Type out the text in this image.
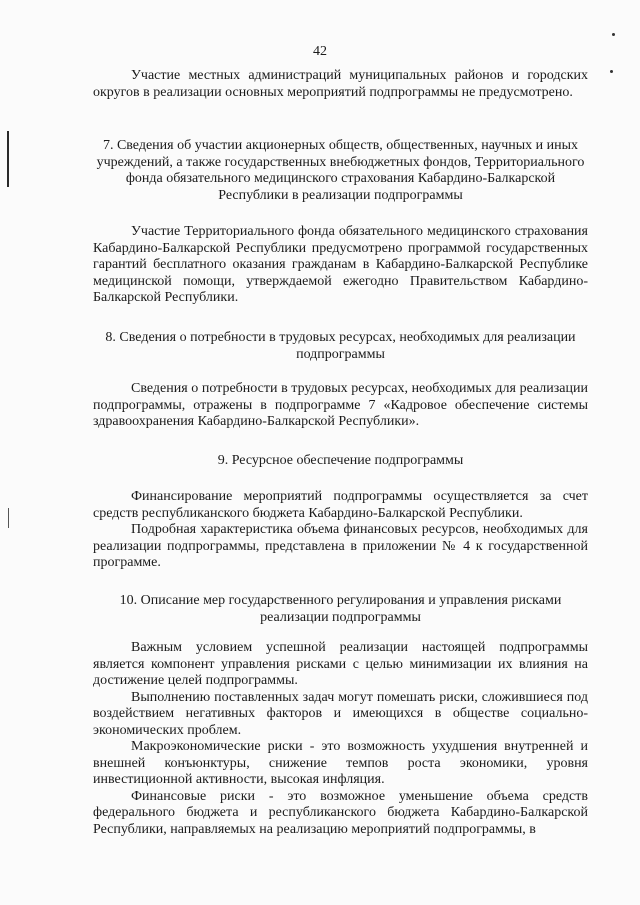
42

Участие местных администраций муниципальных районов и городских округов в реализации основных мероприятий подпрограммы не предусмотрено.

7. Сведения об участии акционерных обществ, общественных, научных и иных учреждений, а также государственных внебюджетных фондов, Территориального фонда обязательного медицинского страхования Кабардино-Балкарской Республики в реализации подпрограммы

Участие Территориального фонда обязательного медицинского страхования Кабардино-Балкарской Республики предусмотрено программой государственных гарантий бесплатного оказания гражданам в Кабардино-Балкарской Республике медицинской помощи, утверждаемой ежегодно Правительством Кабардино-Балкарской Республики.

8. Сведения о потребности в трудовых ресурсах, необходимых для реализации подпрограммы

Сведения о потребности в трудовых ресурсах, необходимых для реализации подпрограммы, отражены в подпрограмме 7 «Кадровое обеспечение системы здравоохранения Кабардино-Балкарской Республики».

9. Ресурсное обеспечение подпрограммы

Финансирование мероприятий подпрограммы осуществляется за счет средств республиканского бюджета Кабардино-Балкарской Республики.

Подробная характеристика объема финансовых ресурсов, необходимых для реализации подпрограммы, представлена в приложении № 4 к государственной программе.

10. Описание мер государственного регулирования и управления рисками реализации подпрограммы

Важным условием успешной реализации настоящей подпрограммы является компонент управления рисками с целью минимизации их влияния на достижение целей подпрограммы.

Выполнению поставленных задач могут помешать риски, сложившиеся под воздействием негативных факторов и имеющихся в обществе социально-экономических проблем.

Макроэкономические риски - это возможность ухудшения внутренней и внешней конъюнктуры, снижение темпов роста экономики, уровня инвестиционной активности, высокая инфляция.

Финансовые риски - это возможное уменьшение объема средств федерального бюджета и республиканского бюджета Кабардино-Балкарской Республики, направляемых на реализацию мероприятий подпрограммы, в
